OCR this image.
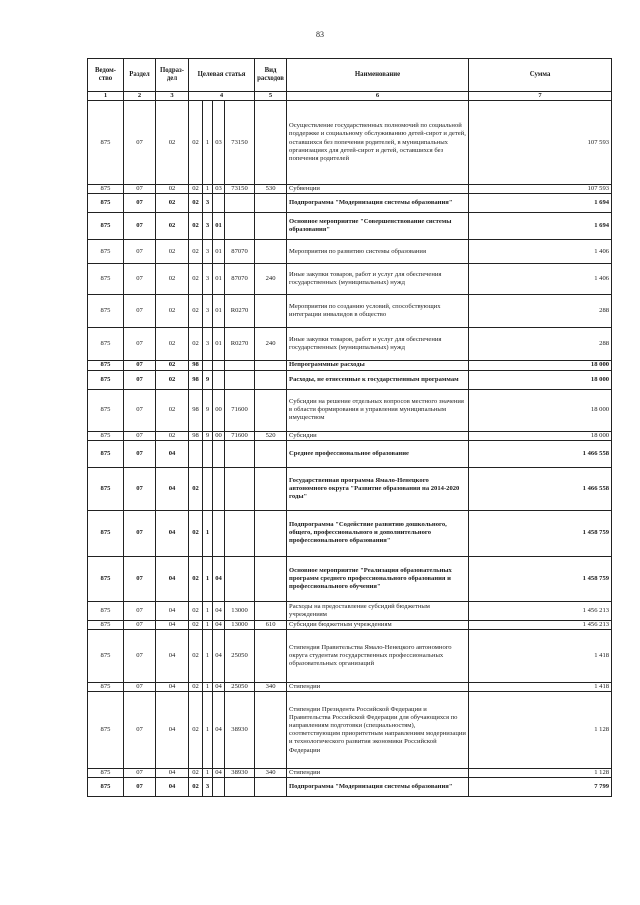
83
Ведом-ство	Раздел	Подраз-дел	Целевая статья				Вид расходов	Наименование	Сумма
1	2	3	4				5	6	7
875	07	02	02	1	03	73150		Осуществление государственных полномочий по социальной поддержке и социальному обслуживанию детей-сирот и детей, оставшихся без попечения родителей, в муниципальных организациях для детей-сирот и детей, оставшихся без попечения родителей	107 593
875	07	02	02	1	03	73150	530	Субвенции	107 593
875	07	02	02	3				Подпрограмма "Модернизация системы образования"	1 694
875	07	02	02	3	01			Основное мероприятие "Совершенствование системы образования"	1 694
875	07	02	02	3	01	87070		Мероприятия по развитию системы образования	1 406
875	07	02	02	3	01	87070	240	Иные закупки товаров, работ и услуг для обеспечения государственных (муниципальных) нужд	1 406
875	07	02	02	3	01	R0270		Мероприятия по созданию условий, способствующих интеграции инвалидов в общество	288
875	07	02	02	3	01	R0270	240	Иные закупки товаров, работ и услуг для обеспечения государственных (муниципальных) нужд	288
875	07	02	98					Непрограммные расходы	18 000
875	07	02	98	9				Расходы, не отнесенные к государственным программам	18 000
875	07	02	98	9	00	71600		Субсидии на решение отдельных вопросов местного значения в области формирования и управления муниципальным имуществом	18 000
875	07	02	98	9	00	71600	520	Субсидии	18 000
875	07	04						Среднее профессиональное образование	1 466 558
875	07	04	02					Государственная программа Ямало-Ненецкого автономного округа "Развитие образования на 2014-2020 годы"	1 466 558
875	07	04	02	1				Подпрограмма "Содействие развитию дошкольного, общего, профессионального и дополнительного профессионального образования"	1 458 759
875	07	04	02	1	04			Основное мероприятие "Реализация образовательных программ среднего профессионального образования и профессионального обучения"	1 458 759
875	07	04	02	1	04	13000		Расходы на предоставление субсидий бюджетным учреждениям	1 456 213
875	07	04	02	1	04	13000	610	Субсидии бюджетным учреждениям	1 456 213
875	07	04	02	1	04	25050		Стипендия Правительства Ямало-Ненецкого автономного округа студентам государственных профессиональных образовательных организаций	1 418
875	07	04	02	1	04	25050	340	Стипендии	1 418
875	07	04	02	1	04	38930		Стипендии Президента Российской Федерации и Правительства Российской Федерации для обучающихся по направлениям подготовки (специальностям), соответствующим приоритетным направлениям модернизации и технологического развития экономики Российской Федерации	1 128
875	07	04	02	1	04	38930	340	Стипендии	1 128
875	07	04	02	3				Подпрограмма "Модернизация системы образования"	7 799
